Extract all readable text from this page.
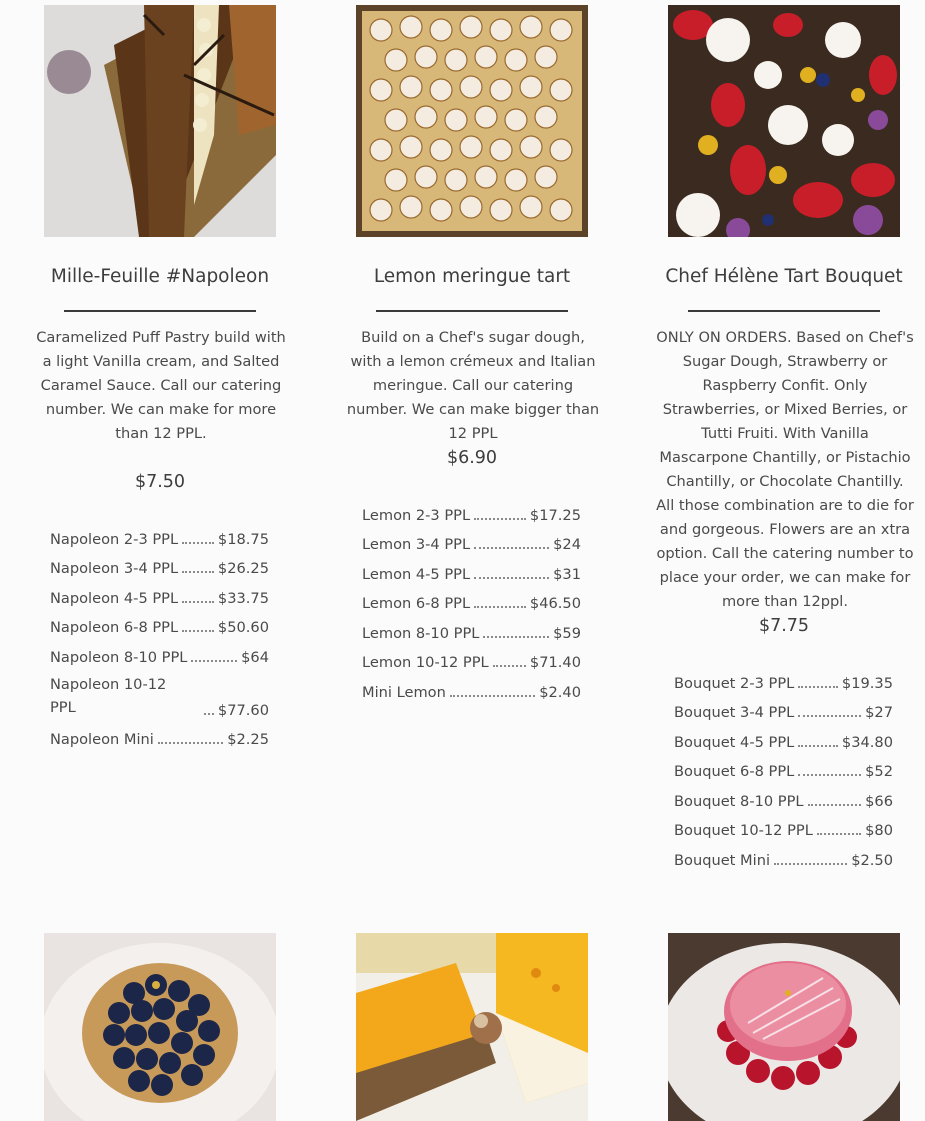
Mille-Feuille #Napoleon
Caramelized Puff Pastry build with a light Vanilla cream, and Salted Caramel Sauce. Call our catering number. We can make for more than 12 PPL.
$7.50
Napoleon 2-3 PPL	$18.75
Napoleon 3-4 PPL	$26.25
Napoleon 4-5 PPL	$33.75
Napoleon 6-8 PPL	$50.60
Napoleon 8-10 PPL	$64
Napoleon 10-12 PPL	$77.60
Napoleon Mini	$2.25
Lemon meringue tart
Build on a Chef's sugar dough, with a lemon crémeux and Italian meringue. Call our catering number. We can make bigger than 12 PPL
$6.90
Lemon 2-3 PPL	$17.25
Lemon 3-4 PPL	$24
Lemon 4-5 PPL	$31
Lemon 6-8 PPL	$46.50
Lemon 8-10 PPL	$59
Lemon 10-12 PPL	$71.40
Mini Lemon	$2.40
Chef Hélène Tart Bouquet
ONLY ON ORDERS. Based on Chef's Sugar Dough, Strawberry or Raspberry Confit. Only Strawberries, or Mixed Berries, or Tutti Fruiti. With Vanilla Mascarpone Chantilly, or Pistachio Chantilly, or Chocolate Chantilly. All those combination are to die for and gorgeous. Flowers are an xtra option. Call the catering number to place your order, we can make for more than 12ppl.
$7.75
Bouquet 2-3 PPL	$19.35
Bouquet 3-4 PPL	$27
Bouquet 4-5 PPL	$34.80
Bouquet 6-8 PPL	$52
Bouquet 8-10 PPL	$66
Bouquet 10-12 PPL	$80
Bouquet Mini	$2.50
